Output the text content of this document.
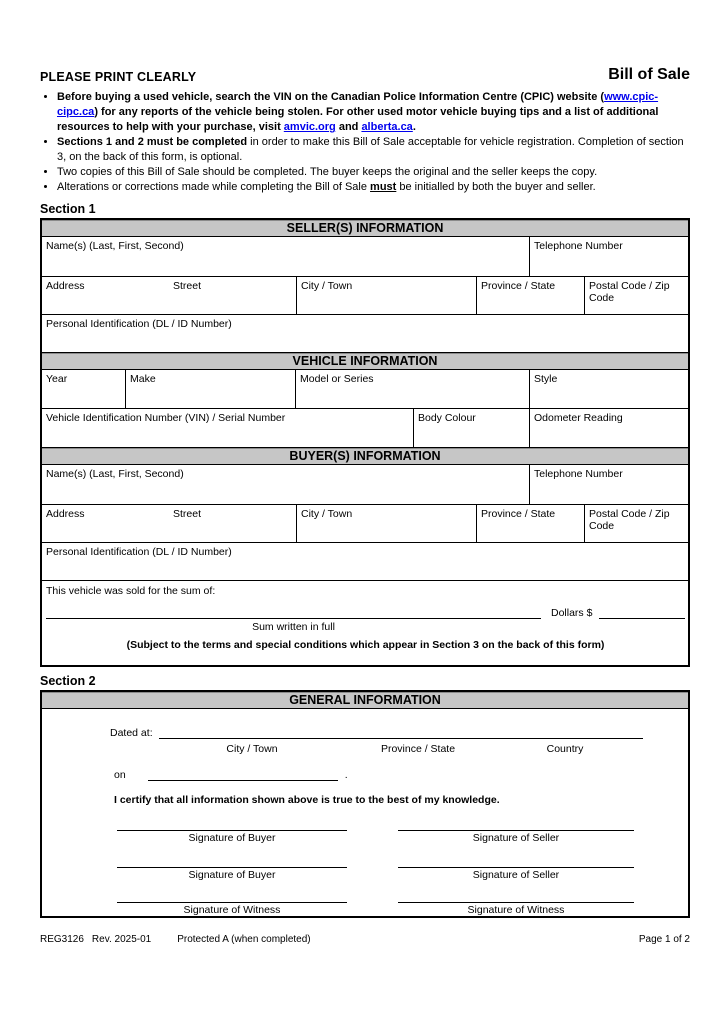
PLEASE PRINT CLEARLY	Bill of Sale
• Before buying a used vehicle, search the VIN on the Canadian Police Information Centre (CPIC) website (www.cpic-cipc.ca) for any reports of the vehicle being stolen. For other used motor vehicle buying tips and a list of additional resources to help with your purchase, visit amvic.org and alberta.ca.
• Sections 1 and 2 must be completed in order to make this Bill of Sale acceptable for vehicle registration. Completion of section 3, on the back of this form, is optional.
• Two copies of this Bill of Sale should be completed. The buyer keeps the original and the seller keeps the copy.
• Alterations or corrections made while completing the Bill of Sale must be initialled by both the buyer and seller.
Section 1
SELLER(S) INFORMATION
Name(s) (Last, First, Second)	Telephone Number
Address	Street	City / Town	Province / State	Postal Code / Zip Code
Personal Identification (DL / ID Number)
VEHICLE INFORMATION
Year	Make	Model or Series	Style
Vehicle Identification Number (VIN) / Serial Number	Body Colour	Odometer Reading
BUYER(S) INFORMATION
Name(s) (Last, First, Second)	Telephone Number
Address	Street	City / Town	Province / State	Postal Code / Zip Code
Personal Identification (DL / ID Number)
This vehicle was sold for the sum of:
Dollars $
Sum written in full
(Subject to the terms and special conditions which appear in Section 3 on the back of this form)
Section 2
GENERAL INFORMATION
Dated at:
City / Town	Province / State	Country
on	.
I certify that all information shown above is true to the best of my knowledge.
Signature of Buyer	Signature of Seller
Signature of Buyer	Signature of Seller
Signature of Witness	Signature of Witness
REG3126 Rev. 2025-01	Protected A (when completed)	Page 1 of 2
